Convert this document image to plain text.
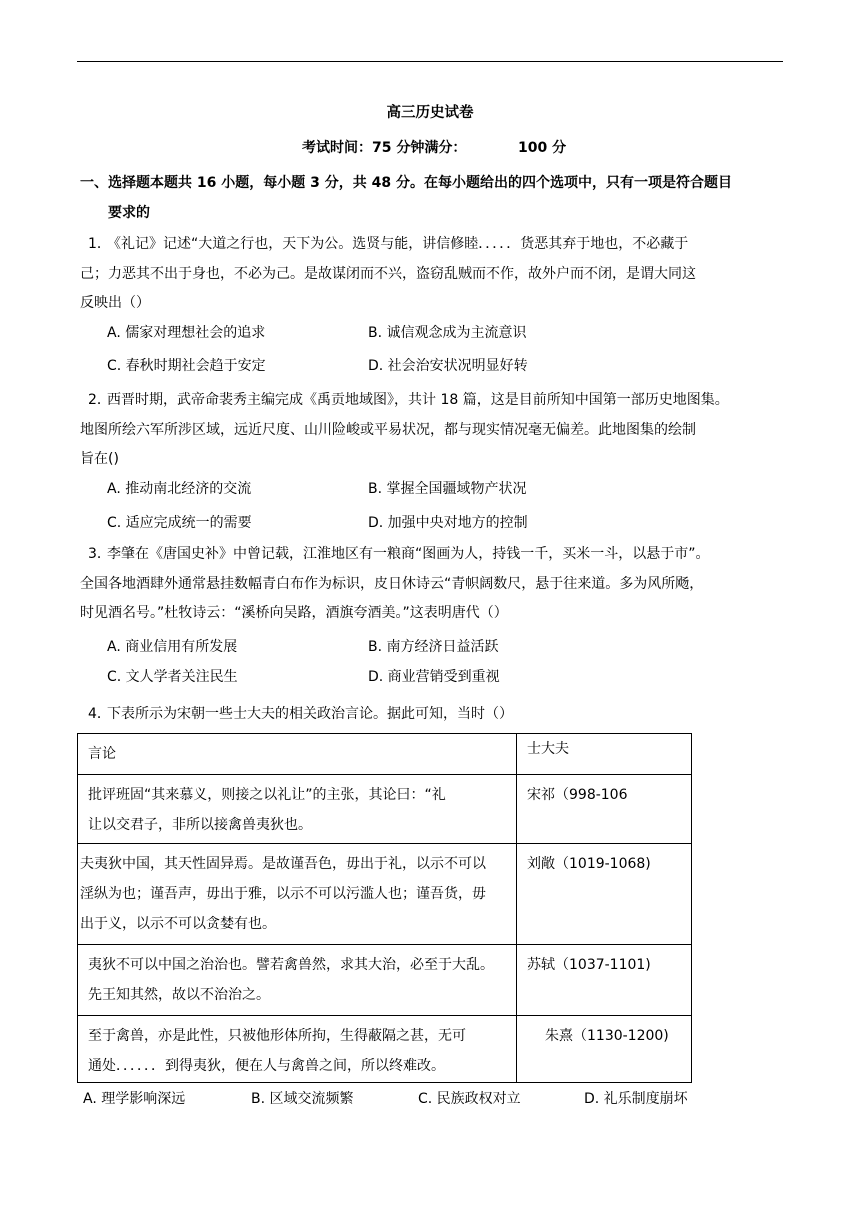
高三历史试卷
考试时间：75 分钟满分：	100 分
一、选择题本题共 16 小题，每小题 3 分，共 48 分。在每小题给出的四个选项中，只有一项是符合题目
要求的
1．
《礼记》记述“大道之行也，天下为公。选贤与能，讲信修睦．．．．．货恶其弃于地也，不必藏于
己；力恶其不出于身也，不必为己。是故谋闭而不兴，盗窃乱贼而不作，故外户而不闭，是谓大同这
反映出（）
A. 儒家对理想社会的追求	B. 诚信观念成为主流意识
C. 春秋时期社会趋于安定	D. 社会治安状况明显好转
2．
西晋时期，武帝命裴秀主编完成《禹贡地域图》，共计 18 篇，这是目前所知中国第一部历史地图集。
地图所绘六军所涉区域，远近尺度、山川险峻或平易状况，都与现实情况毫无偏差。此地图集的绘制
旨在()
A. 推动南北经济的交流	B. 掌握全国疆域物产状况
C. 适应完成统一的需要	D. 加强中央对地方的控制
3．
李肇在《唐国史补》中曾记载，江淮地区有一粮商“图画为人，持钱一千，买米一斗，以悬于市”。
全国各地酒肆外通常悬挂数幅青白布作为标识，皮日休诗云“青帜阔数尺，悬于往来道。多为风所飏，
时见酒名号。”杜牧诗云：“溪桥向吴路，酒旗夸酒美。”这表明唐代（）
A. 商业信用有所发展	B. 南方经济日益活跃
C. 文人学者关注民生	D. 商业营销受到重视
4．
下表所示为宋朝一些士大夫的相关政治言论。据此可知，当时（）
言论	士大夫

批评班固“其来慕义，则接之以礼让”的主张，其论曰：“礼
让以交君子，非所以接禽兽夷狄也。	宋祁（998-106

夫夷狄中国，其天性固异焉。是故谨吾色，毋出于礼，以示不可以
淫纵为也；谨吾声，毋出于雅，以示不可以污滥人也；谨吾货，毋
出于义，以示不可以贪婪有也。	刘敞（1019-1068)

夷狄不可以中国之治治也。譬若禽兽然，求其大治，必至于大乱。
先王知其然，故以不治治之。	苏轼（1037-1101)

至于禽兽，亦是此性，只被他形体所拘，生得蔽隔之甚，无可
通处．．．．．．到得夷狄，便在人与禽兽之间，所以终难改。	朱熹（1130-1200)
A. 理学影响深远	B. 区域交流频繁	C. 民族政权对立	D. 礼乐制度崩坏
